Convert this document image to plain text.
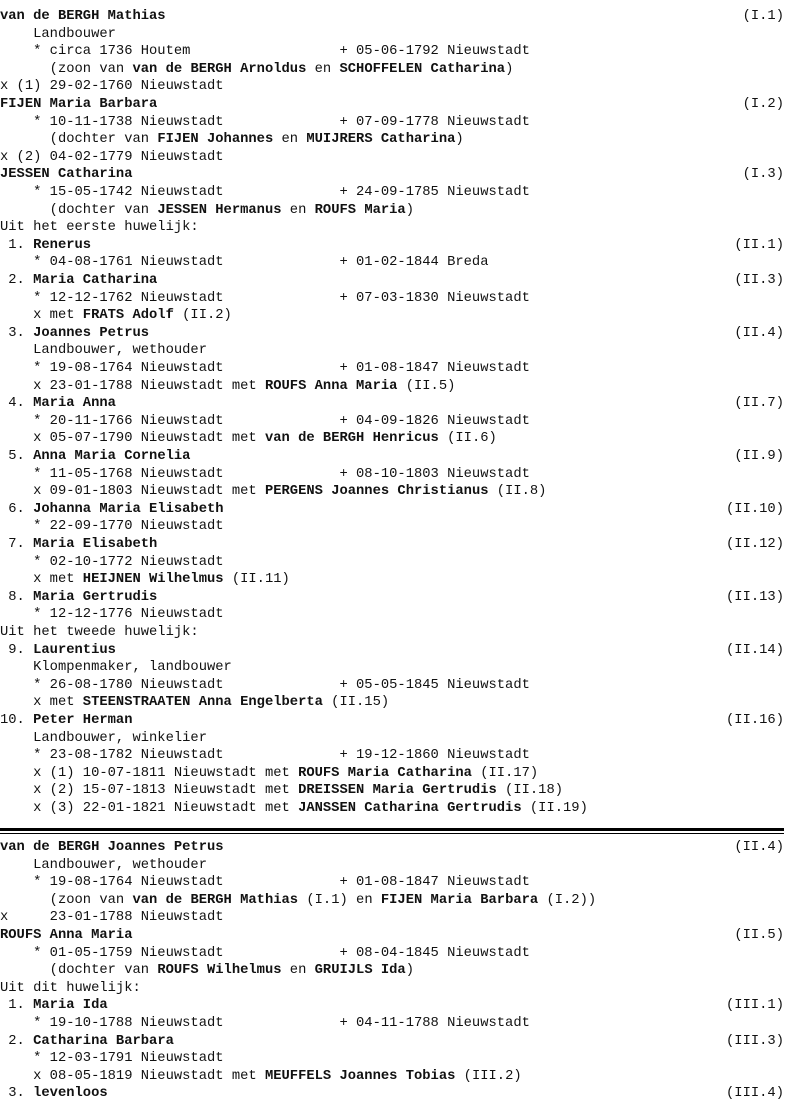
van de BERGH Mathias	(I.1)
Landbouwer
* circa 1736 Houtem                  + 05-06-1792 Nieuwstadt
(zoon van van de BERGH Arnoldus en SCHOFFELEN Catharina)
x (1) 29-02-1760 Nieuwstadt
FIJEN Maria Barbara	(I.2)
* 10-11-1738 Nieuwstadt              + 07-09-1778 Nieuwstadt
(dochter van FIJEN Johannes en MUIJRERS Catharina)
x (2) 04-02-1779 Nieuwstadt
JESSEN Catharina	(I.3)
* 15-05-1742 Nieuwstadt              + 24-09-1785 Nieuwstadt
(dochter van JESSEN Hermanus en ROUFS Maria)
Uit het eerste huwelijk:
1. Renerus	(II.1)
* 04-08-1761 Nieuwstadt              + 01-02-1844 Breda
2. Maria Catharina	(II.3)
* 12-12-1762 Nieuwstadt              + 07-03-1830 Nieuwstadt
x met FRATS Adolf (II.2)
3. Joannes Petrus	(II.4)
Landbouwer, wethouder
* 19-08-1764 Nieuwstadt              + 01-08-1847 Nieuwstadt
x 23-01-1788 Nieuwstadt met ROUFS Anna Maria (II.5)
4. Maria Anna	(II.7)
* 20-11-1766 Nieuwstadt              + 04-09-1826 Nieuwstadt
x 05-07-1790 Nieuwstadt met van de BERGH Henricus (II.6)
5. Anna Maria Cornelia	(II.9)
* 11-05-1768 Nieuwstadt              + 08-10-1803 Nieuwstadt
x 09-01-1803 Nieuwstadt met PERGENS Joannes Christianus (II.8)
6. Johanna Maria Elisabeth	(II.10)
* 22-09-1770 Nieuwstadt
7. Maria Elisabeth	(II.12)
* 02-10-1772 Nieuwstadt
x met HEIJNEN Wilhelmus (II.11)
8. Maria Gertrudis	(II.13)
* 12-12-1776 Nieuwstadt
Uit het tweede huwelijk:
9. Laurentius	(II.14)
Klompenmaker, landbouwer
* 26-08-1780 Nieuwstadt              + 05-05-1845 Nieuwstadt
x met STEENSTRAATEN Anna Engelberta (II.15)
10. Peter Herman	(II.16)
Landbouwer, winkelier
* 23-08-1782 Nieuwstadt              + 19-12-1860 Nieuwstadt
x (1) 10-07-1811 Nieuwstadt met ROUFS Maria Catharina (II.17)
x (2) 15-07-1813 Nieuwstadt met DREISSEN Maria Gertrudis (II.18)
x (3) 22-01-1821 Nieuwstadt met JANSSEN Catharina Gertrudis (II.19)
van de BERGH Joannes Petrus	(II.4)
Landbouwer, wethouder
* 19-08-1764 Nieuwstadt              + 01-08-1847 Nieuwstadt
(zoon van van de BERGH Mathias (I.1) en FIJEN Maria Barbara (I.2))
x     23-01-1788 Nieuwstadt
ROUFS Anna Maria	(II.5)
* 01-05-1759 Nieuwstadt              + 08-04-1845 Nieuwstadt
(dochter van ROUFS Wilhelmus en GRUIJLS Ida)
Uit dit huwelijk:
1. Maria Ida	(III.1)
* 19-10-1788 Nieuwstadt              + 04-11-1788 Nieuwstadt
2. Catharina Barbara	(III.3)
* 12-03-1791 Nieuwstadt
x 08-05-1819 Nieuwstadt met MEUFFELS Joannes Tobias (III.2)
3. levenloos	(III.4)
